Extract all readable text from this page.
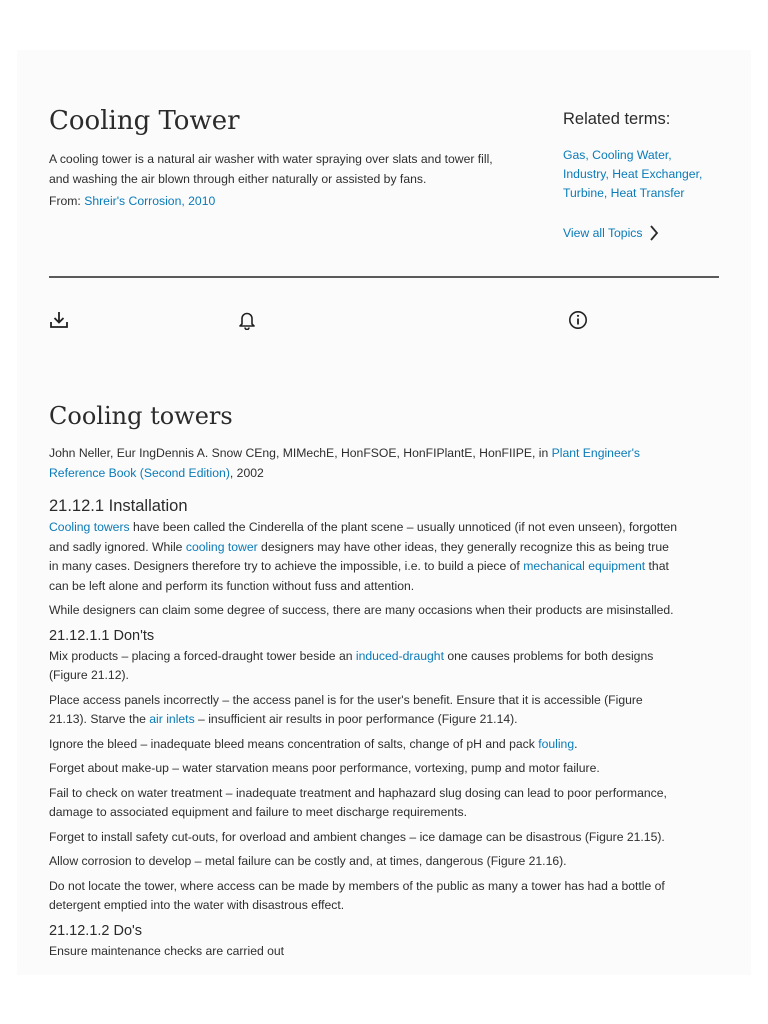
Cooling Tower

A cooling tower is a natural air washer with water spraying over slats and tower fill, and washing the air blown through either naturally or assisted by fans.

From: Shreir's Corrosion, 2010

Related terms:
Gas, Cooling Water,
Industry, Heat Exchanger,
Turbine, Heat Transfer
View all Topics
Cooling towers

John Neller, Eur IngDennis A. Snow CEng, MIMechE, HonFSOE, HonFIPlantE, HonFIIPE, in Plant Engineer's Reference Book (Second Edition), 2002

21.12.1 Installation

Cooling towers have been called the Cinderella of the plant scene – usually unnoticed (if not even unseen), forgotten and sadly ignored. While cooling tower designers may have other ideas, they generally recognize this as being true in many cases. Designers therefore try to achieve the impossible, i.e. to build a piece of mechanical equipment that can be left alone and perform its function without fuss and attention.

While designers can claim some degree of success, there are many occasions when their products are misinstalled.

21.12.1.1 Don'ts

Mix products – placing a forced-draught tower beside an induced-draught one causes problems for both designs (Figure 21.12).

Place access panels incorrectly – the access panel is for the user's benefit. Ensure that it is accessible (Figure 21.13). Starve the air inlets – insufficient air results in poor performance (Figure 21.14).

Ignore the bleed – inadequate bleed means concentration of salts, change of pH and pack fouling.

Forget about make-up – water starvation means poor performance, vortexing, pump and motor failure.

Fail to check on water treatment – inadequate treatment and haphazard slug dosing can lead to poor performance, damage to associated equipment and failure to meet discharge requirements.

Forget to install safety cut-outs, for overload and ambient changes – ice damage can be disastrous (Figure 21.15).

Allow corrosion to develop – metal failure can be costly and, at times, dangerous (Figure 21.16).

Do not locate the tower, where access can be made by members of the public as many a tower has had a bottle of detergent emptied into the water with disastrous effect.

21.12.1.2 Do's

Ensure maintenance checks are carried out
